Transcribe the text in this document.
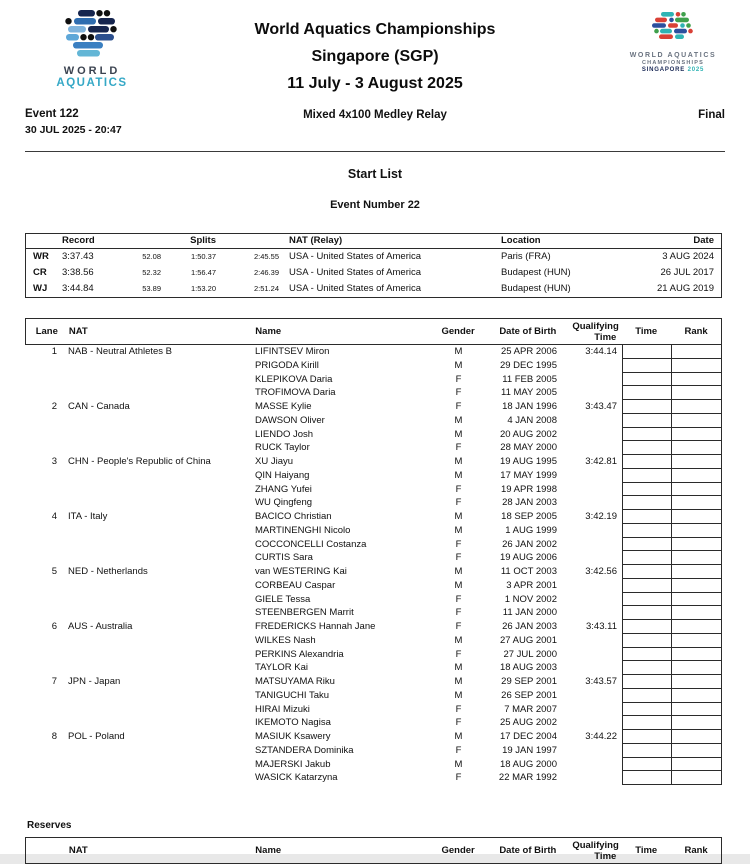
WORLD
AQUATICS
World Aquatics Championships
Singapore (SGP)
11 July - 3 August 2025
WORLD AQUATICS
CHAMPIONSHIPS
SINGAPORE 2025
Event 122
30 JUL 2025 - 20:47
Mixed 4x100 Medley Relay	Final
Start List
Event Number 22
Record	Splits	NAT (Relay)	Location	Date
WR	3:37.43	52.08	1:50.37	2:45.55	USA - United States of America	Paris (FRA)	3 AUG 2024
CR	3:38.56	52.32	1:56.47	2:46.39	USA - United States of America	Budapest (HUN)	26 JUL 2017
WJ	3:44.84	53.89	1:53.20	2:51.24	USA - United States of America	Budapest (HUN)	21 AUG 2019
Lane	NAT	Name	Gender	Date of Birth	Qualifying
Time	Time	Rank
1	NAB - Neutral Athletes B	LIFINTSEV Miron	M	25 APR 2006	3:44.14
PRIGODA Kirill	M	29 DEC 1995
KLEPIKOVA Daria	F	11 FEB 2005
TROFIMOVA Daria	F	11 MAY 2005
2	CAN - Canada	MASSE Kylie	F	18 JAN 1996	3:43.47
DAWSON Oliver	M	4 JAN 2008
LIENDO Josh	M	20 AUG 2002
RUCK Taylor	F	28 MAY 2000
3	CHN - People's Republic of China	XU Jiayu	M	19 AUG 1995	3:42.81
QIN Haiyang	M	17 MAY 1999
ZHANG Yufei	F	19 APR 1998
WU Qingfeng	F	28 JAN 2003
4	ITA - Italy	BACICO Christian	M	18 SEP 2005	3:42.19
MARTINENGHI Nicolo	M	1 AUG 1999
COCCONCELLI Costanza	F	26 JAN 2002
CURTIS Sara	F	19 AUG 2006
5	NED - Netherlands	van WESTERING Kai	M	11 OCT 2003	3:42.56
CORBEAU Caspar	M	3 APR 2001
GIELE Tessa	F	1 NOV 2002
STEENBERGEN Marrit	F	11 JAN 2000
6	AUS - Australia	FREDERICKS Hannah Jane	F	26 JAN 2003	3:43.11
WILKES Nash	M	27 AUG 2001
PERKINS Alexandria	F	27 JUL 2000
TAYLOR Kai	M	18 AUG 2003
7	JPN - Japan	MATSUYAMA Riku	M	29 SEP 2001	3:43.57
TANIGUCHI Taku	M	26 SEP 2001
HIRAI Mizuki	F	7 MAR 2007
IKEMOTO Nagisa	F	25 AUG 2002
8	POL - Poland	MASIUK Ksawery	M	17 DEC 2004	3:44.22
SZTANDERA Dominika	F	19 JAN 1997
MAJERSKI Jakub	M	18 AUG 2000
WASICK Katarzyna	F	22 MAR 1992
Reserves
NAT	Name	Gender	Date of Birth	Qualifying
Time	Time	Rank
